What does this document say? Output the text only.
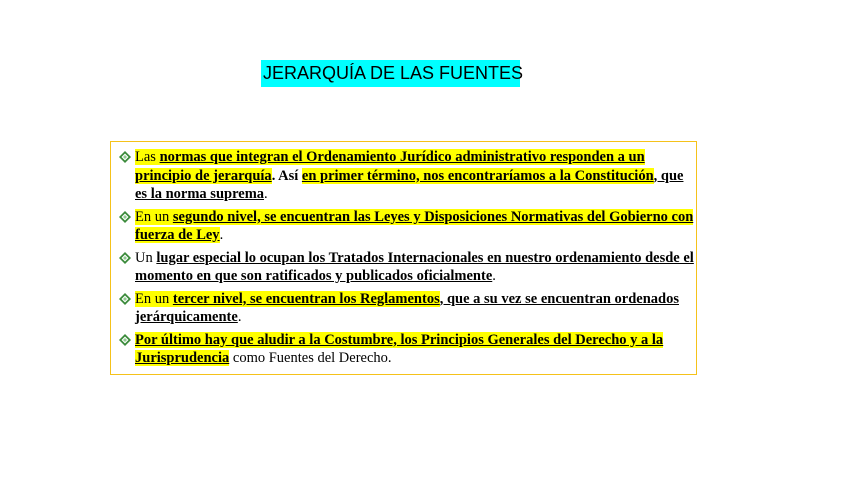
JERARQUÍA DE LAS FUENTES
Las normas que integran el Ordenamiento Jurídico administrativo responden a un principio de jerarquía. Así en primer término, nos encontraríamos a la Constitución, que es la norma suprema.
En un segundo nivel, se encuentran las Leyes y Disposiciones Normativas del Gobierno con fuerza de Ley.
Un lugar especial lo ocupan los Tratados Internacionales en nuestro ordenamiento desde el momento en que son ratificados y publicados oficialmente.
En un tercer nivel, se encuentran los Reglamentos, que a su vez se encuentran ordenados jerárquicamente.
Por último hay que aludir a la Costumbre, los Principios Generales del Derecho y a la Jurisprudencia como Fuentes del Derecho.
